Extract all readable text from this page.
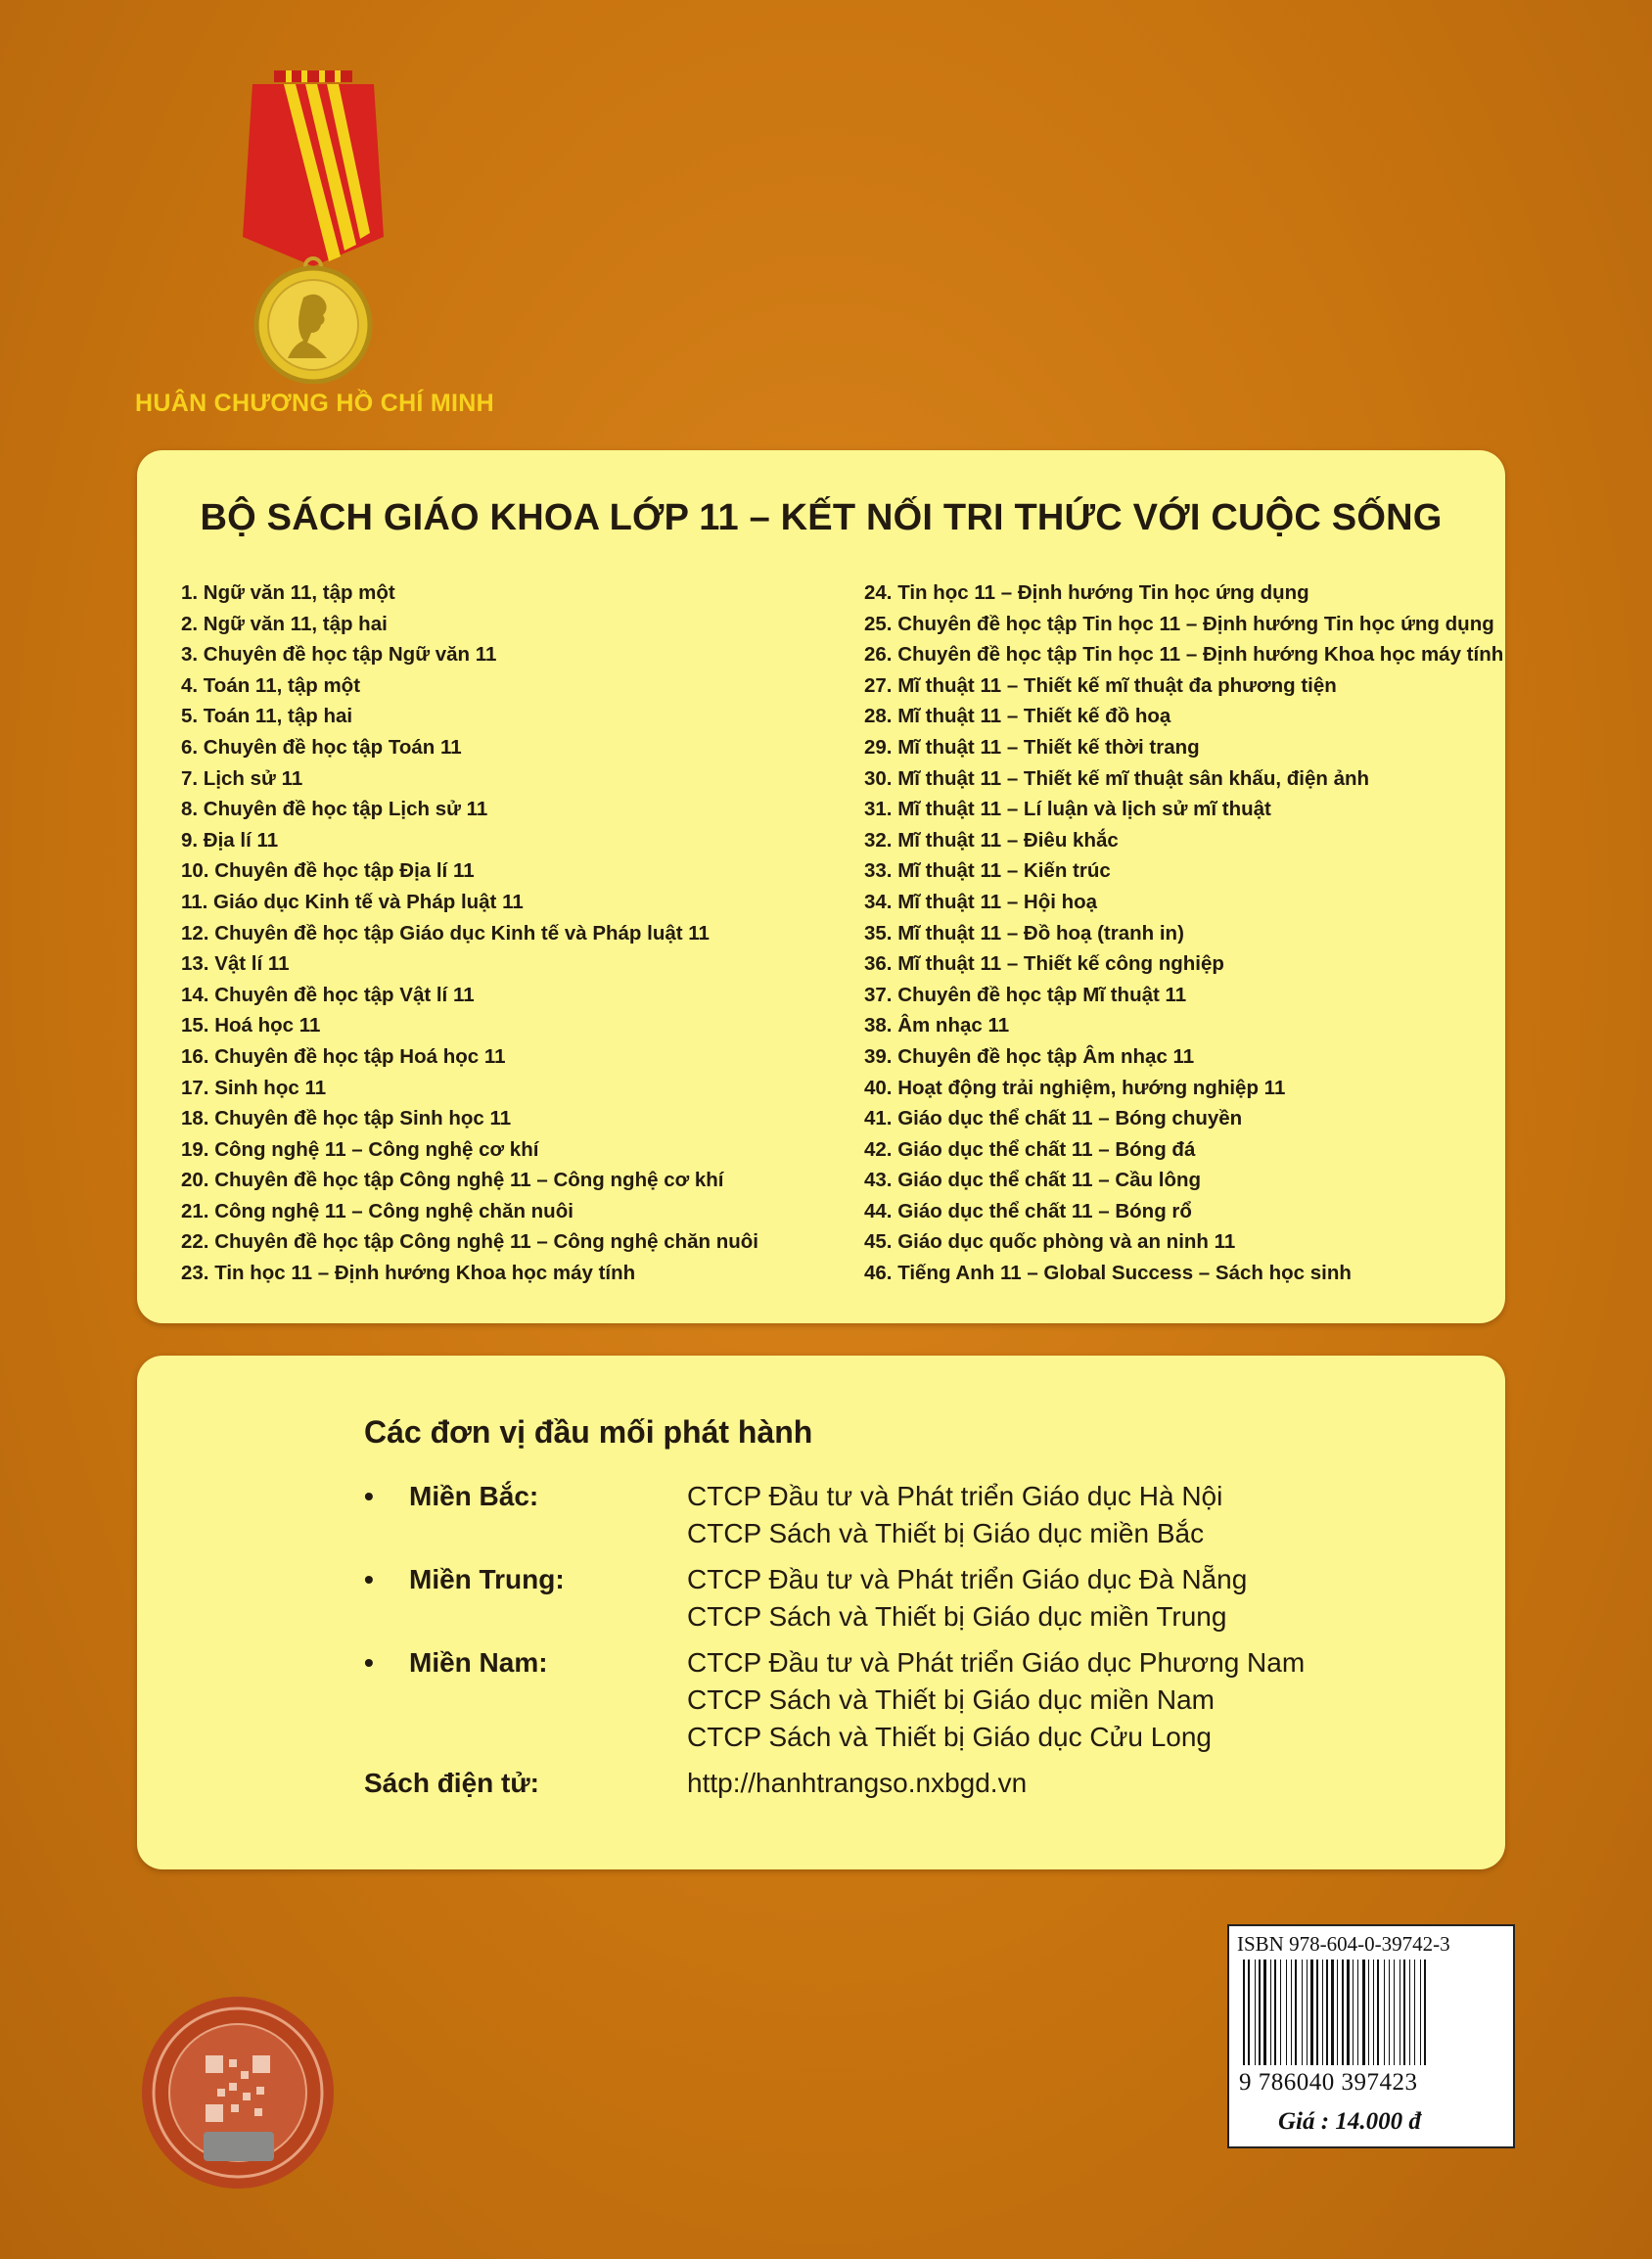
HUÂN CHƯƠNG HỒ CHÍ MINH
BỘ SÁCH GIÁO KHOA LỚP 11 – KẾT NỐI TRI THỨC VỚI CUỘC SỐNG
1. Ngữ văn 11, tập một
2. Ngữ văn 11, tập hai
3. Chuyên đề học tập Ngữ văn 11
4. Toán 11, tập một
5. Toán 11, tập hai
6. Chuyên đề học tập Toán 11
7. Lịch sử 11
8. Chuyên đề học tập Lịch sử 11
9. Địa lí 11
10. Chuyên đề học tập Địa lí 11
11. Giáo dục Kinh tế và Pháp luật 11
12. Chuyên đề học tập Giáo dục Kinh tế và Pháp luật 11
13. Vật lí 11
14. Chuyên đề học tập Vật lí 11
15. Hoá học 11
16. Chuyên đề học tập Hoá học 11
17. Sinh học 11
18. Chuyên đề học tập Sinh học 11
19. Công nghệ 11 – Công nghệ cơ khí
20. Chuyên đề học tập Công nghệ 11 – Công nghệ cơ khí
21. Công nghệ 11 – Công nghệ chăn nuôi
22. Chuyên đề học tập Công nghệ 11 – Công nghệ chăn nuôi
23. Tin học 11 – Định hướng Khoa học máy tính
24. Tin học 11 – Định hướng Tin học ứng dụng
25. Chuyên đề học tập Tin học 11 – Định hướng Tin học ứng dụng
26. Chuyên đề học tập Tin học 11 – Định hướng Khoa học máy tính
27. Mĩ thuật 11 – Thiết kế mĩ thuật đa phương tiện
28. Mĩ thuật 11 – Thiết kế đồ hoạ
29. Mĩ thuật 11 – Thiết kế thời trang
30. Mĩ thuật 11 – Thiết kế mĩ thuật sân khấu, điện ảnh
31. Mĩ thuật 11 – Lí luận và lịch sử mĩ thuật
32. Mĩ thuật 11 – Điêu khắc
33. Mĩ thuật 11 – Kiến trúc
34. Mĩ thuật 11 – Hội hoạ
35. Mĩ thuật 11 – Đồ hoạ (tranh in)
36. Mĩ thuật 11 – Thiết kế công nghiệp
37. Chuyên đề học tập Mĩ thuật 11
38. Âm nhạc 11
39. Chuyên đề học tập Âm nhạc 11
40. Hoạt động trải nghiệm, hướng nghiệp 11
41. Giáo dục thể chất 11 – Bóng chuyền
42. Giáo dục thể chất 11 – Bóng đá
43. Giáo dục thể chất 11 – Cầu lông
44. Giáo dục thể chất 11 – Bóng rổ
45. Giáo dục quốc phòng và an ninh 11
46. Tiếng Anh 11 – Global Success – Sách học sinh
Các đơn vị đầu mối phát hành
• Miền Bắc:	CTCP Đầu tư và Phát triển Giáo dục Hà Nội
CTCP Sách và Thiết bị Giáo dục miền Bắc
• Miền Trung:	CTCP Đầu tư và Phát triển Giáo dục Đà Nẵng
CTCP Sách và Thiết bị Giáo dục miền Trung
• Miền Nam:	CTCP Đầu tư và Phát triển Giáo dục Phương Nam
CTCP Sách và Thiết bị Giáo dục miền Nam
CTCP Sách và Thiết bị Giáo dục Cửu Long
Sách điện tử:	http://hanhtrangso.nxbgd.vn
ISBN 978-604-0-39742-3
9 786040 397423
Giá : 14.000 đ
